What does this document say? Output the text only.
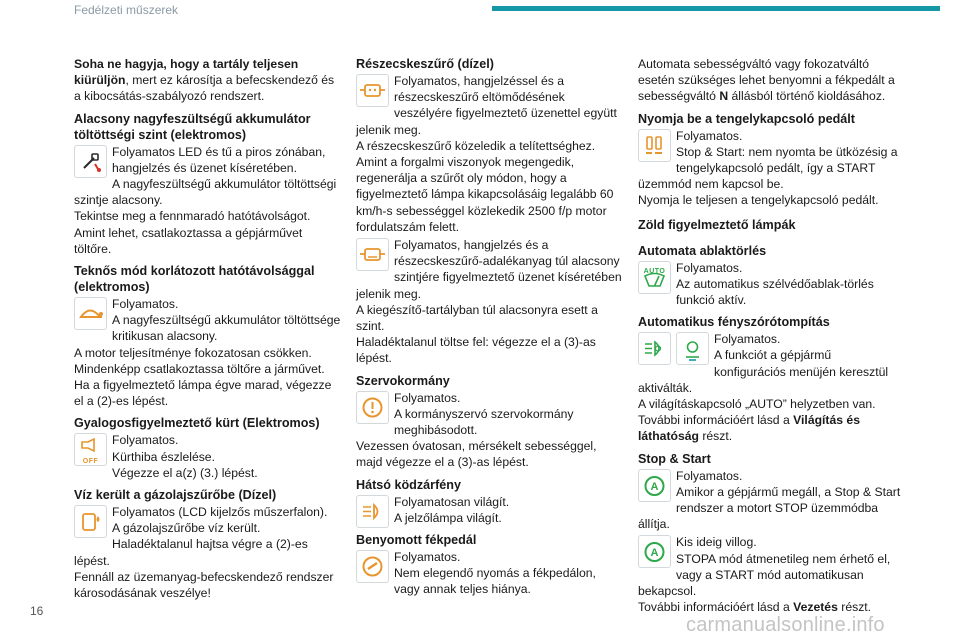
Fedélzeti műszerek

Soha ne hagyja, hogy a tartály teljesen kiürüljön, mert ez károsítja a befecskendező és a kibocsátás-szabályozó rendszert.

Alacsony nagyfeszültségű akkumulátor töltöttségi szint (elektromos)

Folyamatos LED és tű a piros zónában, hangjelzés és üzenet kíséretében.

A nagyfeszültségű akkumulátor töltöttségi szintje alacsony.

Tekintse meg a fennmaradó hatótávolságot.

Amint lehet, csatlakoztassa a gépjárművet töltőre.

Teknős mód korlátozott hatótávolsággal (elektromos)

Folyamatos.

A nagyfeszültségű akkumulátor töltöttsége kritikusan alacsony.

A motor teljesítménye fokozatosan csökken.

Mindenképp csatlakoztassa töltőre a járművet.

Ha a figyelmeztető lámpa égve marad, végezze el a (2)-es lépést.

Gyalogosfigyelmeztető kürt (Elektromos)
OFF

Folyamatos.

Kürthiba észlelése.

Végezze el a(z) (3.) lépést.

Víz került a gázolajszűrőbe (Dízel)

Folyamatos (LCD kijelzős műszerfalon).

A gázolajszűrőbe víz került.

Haladéktalanul hajtsa végre a (2)-es lépést.

Fennáll az üzemanyag-befecskendező rendszer károsodásának veszélye!

Részecskeszűrő (dízel)

Folyamatos, hangjelzéssel és a részecskeszűrő eltömődésének

veszélyére figyelmeztető üzenettel együtt jelenik meg.

A részecskeszűrő közeledik a telítettséghez.

Amint a forgalmi viszonyok megengedik, regenerálja a szűrőt oly módon, hogy a figyelmeztető lámpa kikapcsolásáig legalább 60 km/h-s sebességgel közlekedik 2500 f/p motor fordulatszám felett.

Folyamatos, hangjelzés és a részecskeszűrő-adalékanyag túl alacsony

szintjére figyelmeztető üzenet kíséretében jelenik meg.

A kiegészítő-tartályban túl alacsonyra esett a szint.

Haladéktalanul töltse fel: végezze el a (3)-as lépést.

Szervokormány

Folyamatos.

A kormányszervó szervokormány

meghibásodott.

Vezessen óvatosan, mérsékelt sebességgel, majd végezze el a (3)-as lépést.

Hátsó ködzárfény

Folyamatosan világít.

A jelzőlámpa világít.

Benyomott fékpedál

Folyamatos.

Nem elegendő nyomás a fékpedálon,

vagy annak teljes hiánya.

Automata sebességváltó vagy fokozatváltó esetén szükséges lehet benyomni a fékpedált a sebességváltó N állásból történő kioldásához.

Nyomja be a tengelykapcsoló pedált

Folyamatos.

Stop & Start: nem nyomta be ütközésig a

tengelykapcsoló pedált, így a START üzemmód nem kapcsol be.

Nyomja le teljesen a tengelykapcsoló pedált.

Zöld figyelmeztető lámpák
Automata ablaktörlés
AUTO Folyamatos.

Az automatikus szélvédőablak-törlés

funkció aktív.

Automatikus fényszórótompítás

Folyamatos.

A funkciót a gépjármű

konfigurációs menüjén keresztül aktiválták.

A világításkapcsoló „AUTO” helyzetben van.

További információért lásd a Világítás és láthatóság részt.

Stop & Start
A

Folyamatos.

Amikor a gépjármű megáll, a Stop & Start

rendszer a motort STOP üzemmódba állítja.

A

Kis ideig villog.

STOPA mód átmenetileg nem érhető el,

vagy a START mód automatikusan bekapcsol.

További információért lásd a Vezetés részt.

16
carmanualsonline.info
